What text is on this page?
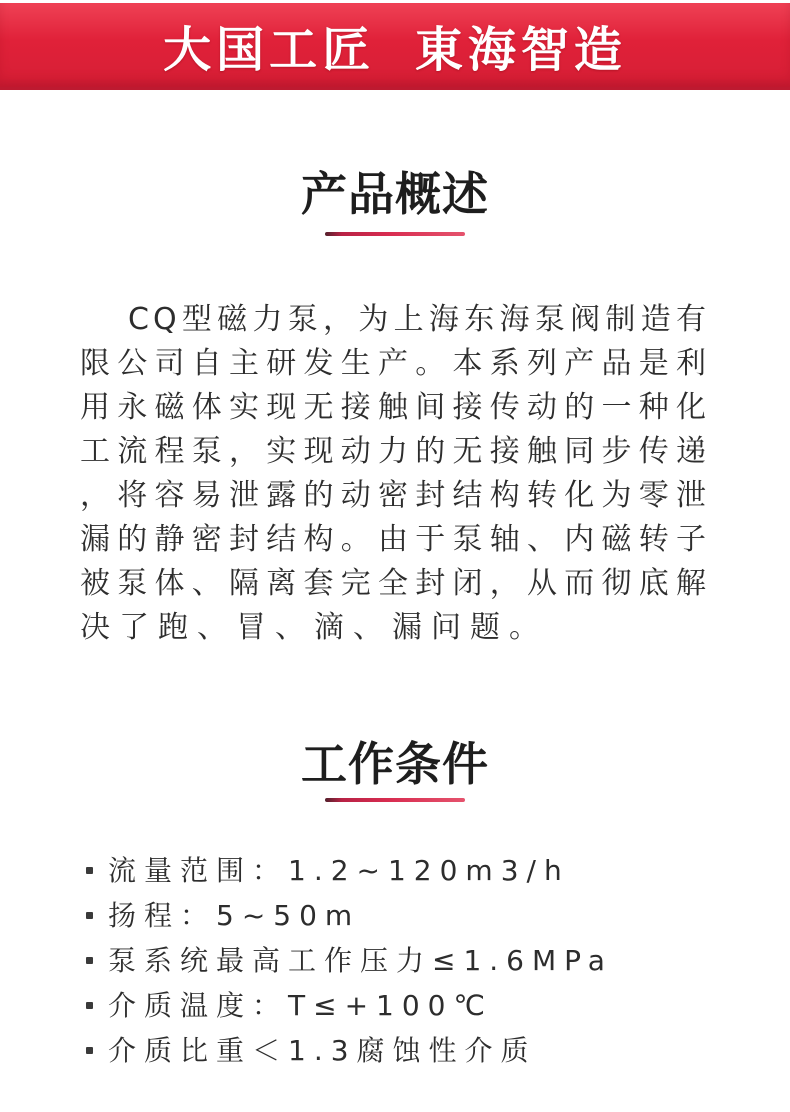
大国工匠 東海智造
产品概述
CQ型磁力泵，为上海东海泵阀制造有
限公司自主研发生产。本系列产品是利
用永磁体实现无接触间接传动的一种化
工流程泵，实现动力的无接触同步传递
，将容易泄露的动密封结构转化为零泄
漏的静密封结构。由于泵轴、内磁转子
被泵体、隔离套完全封闭，从而彻底解
决了跑、冒、滴、漏问题。
工作条件
流量范围：1.2~120m3/h
扬程：5~50m
泵系统最高工作压力≤1.6MPa
介质温度：T≤+100℃
介质比重＜1.3腐蚀性介质
